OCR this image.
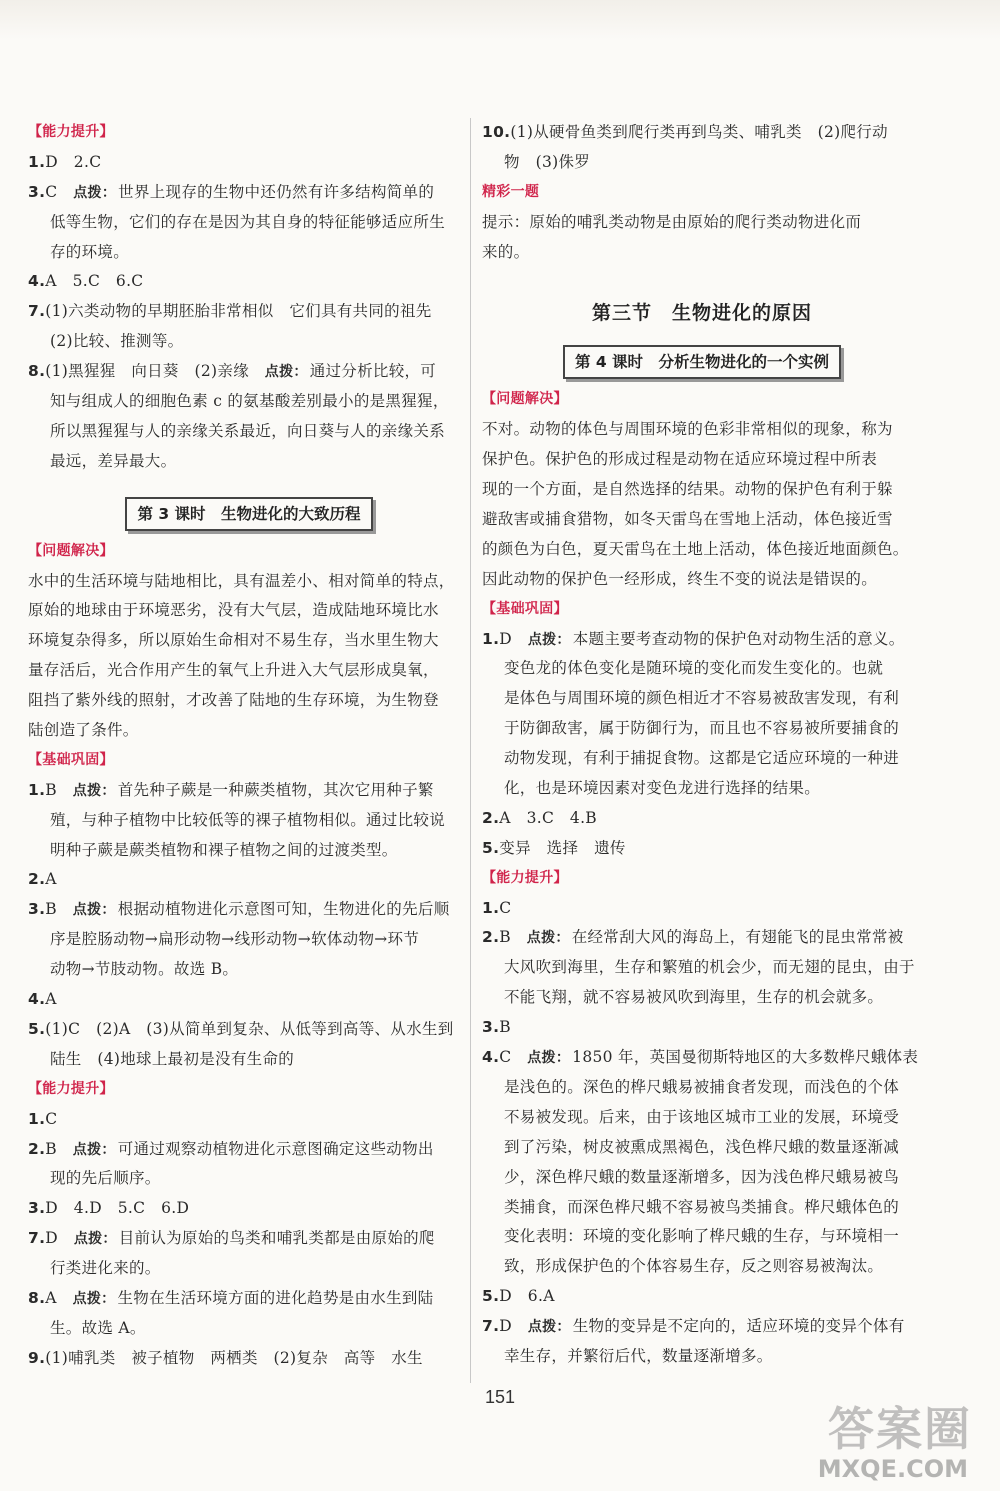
【能力提升】
1.D　2.C
3.C　点拨： 世界上现存的生物中还仍然有许多结构简单的
低等生物，它们的存在是因为其自身的特征能够适应所生
存的环境。
4.A　5.C　6.C
7.(1)六类动物的早期胚胎非常相似　它们具有共同的祖先
(2)比较、推测等。
8.(1)黑猩猩　向日葵　(2)亲缘　点拨： 通过分析比较，可
知与组成人的细胞色素 c 的氨基酸差别最小的是黑猩猩，
所以黑猩猩与人的亲缘关系最近，向日葵与人的亲缘关系
最远，差异最大。
第 3 课时　生物进化的大致历程
【问题解决】
水中的生活环境与陆地相比，具有温差小、相对简单的特点，
原始的地球由于环境恶劣，没有大气层，造成陆地环境比水
环境复杂得多，所以原始生命相对不易生存，当水里生物大
量存活后，光合作用产生的氧气上升进入大气层形成臭氧，
阻挡了紫外线的照射，才改善了陆地的生存环境，为生物登
陆创造了条件。
【基础巩固】
1.B　点拨： 首先种子蕨是一种蕨类植物，其次它用种子繁
殖，与种子植物中比较低等的裸子植物相似。通过比较说
明种子蕨是蕨类植物和裸子植物之间的过渡类型。
2.A
3.B　点拨： 根据动植物进化示意图可知，生物进化的先后顺
序是腔肠动物→扁形动物→线形动物→软体动物→环节
动物→节肢动物。故选 B。
4.A
5.(1)C　(2)A　(3)从简单到复杂、从低等到高等、从水生到
陆生　(4)地球上最初是没有生命的
【能力提升】
1.C
2.B　点拨： 可通过观察动植物进化示意图确定这些动物出
现的先后顺序。
3.D　4.D　5.C　6.D
7.D　点拨： 目前认为原始的鸟类和哺乳类都是由原始的爬
行类进化来的。
8.A　点拨： 生物在生活环境方面的进化趋势是由水生到陆
生。故选 A。
9.(1)哺乳类　被子植物　两栖类　(2)复杂　高等　水生
10.(1)从硬骨鱼类到爬行类再到鸟类、哺乳类　(2)爬行动
物　(3)侏罗
精彩一题
提示：原始的哺乳类动物是由原始的爬行类动物进化而
来的。
第三节　生物进化的原因
第 4 课时　分析生物进化的一个实例
【问题解决】
不对。动物的体色与周围环境的色彩非常相似的现象，称为
保护色。保护色的形成过程是动物在适应环境过程中所表
现的一个方面，是自然选择的结果。动物的保护色有利于躲
避敌害或捕食猎物，如冬天雷鸟在雪地上活动，体色接近雪
的颜色为白色，夏天雷鸟在土地上活动，体色接近地面颜色。
因此动物的保护色一经形成，终生不变的说法是错误的。
【基础巩固】
1.D　点拨： 本题主要考查动物的保护色对动物生活的意义。
变色龙的体色变化是随环境的变化而发生变化的。也就
是体色与周围环境的颜色相近才不容易被敌害发现，有利
于防御敌害，属于防御行为，而且也不容易被所要捕食的
动物发现，有利于捕捉食物。这都是它适应环境的一种进
化，也是环境因素对变色龙进行选择的结果。
2.A　3.C　4.B
5.变异　选择　遗传
【能力提升】
1.C
2.B　点拨： 在经常刮大风的海岛上，有翅能飞的昆虫常常被
大风吹到海里，生存和繁殖的机会少，而无翅的昆虫，由于
不能飞翔，就不容易被风吹到海里，生存的机会就多。
3.B
4.C　点拨： 1850 年，英国曼彻斯特地区的大多数桦尺蛾体表
是浅色的。深色的桦尺蛾易被捕食者发现，而浅色的个体
不易被发现。后来，由于该地区城市工业的发展，环境受
到了污染，树皮被熏成黑褐色，浅色桦尺蛾的数量逐渐减
少，深色桦尺蛾的数量逐渐增多，因为浅色桦尺蛾易被鸟
类捕食，而深色桦尺蛾不容易被鸟类捕食。桦尺蛾体色的
变化表明：环境的变化影响了桦尺蛾的生存，与环境相一
致，形成保护色的个体容易生存，反之则容易被淘汰。
5.D　6.A
7.D　点拨： 生物的变异是不定向的，适应环境的变异个体有
幸生存，并繁衍后代，数量逐渐增多。
151
答案圈
MXQE.COM
